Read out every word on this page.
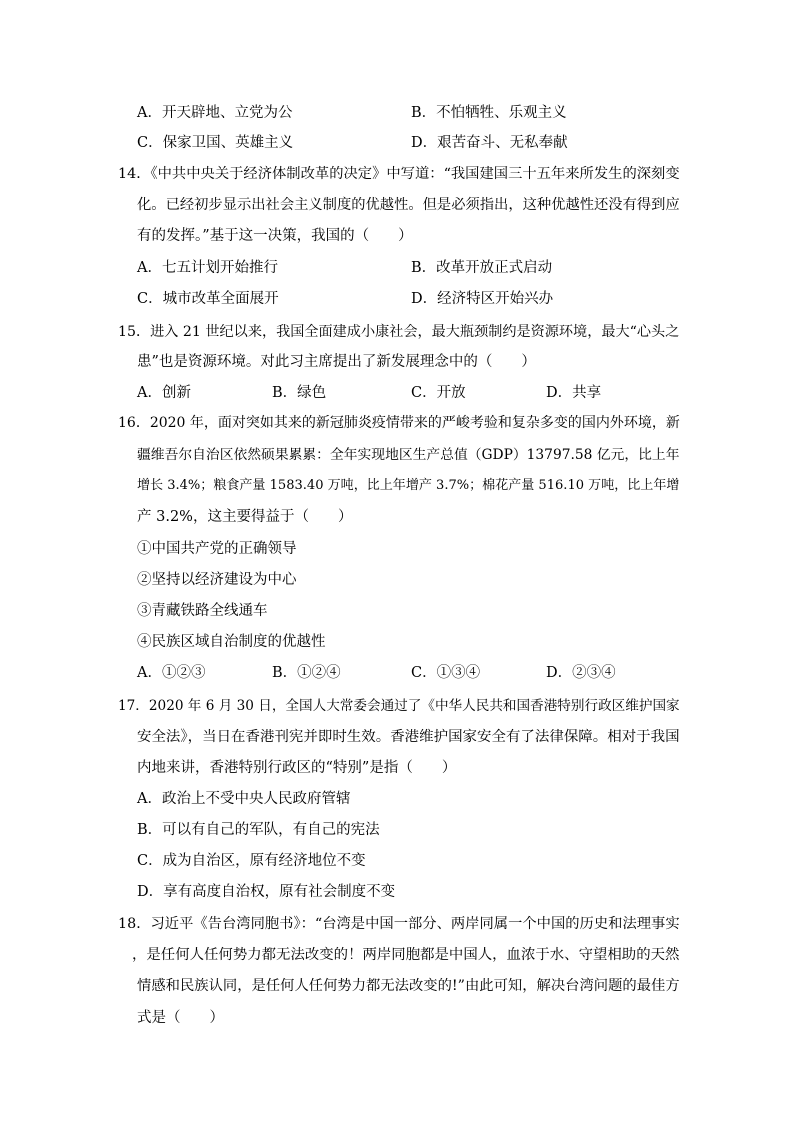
A．开天辟地、立党为公	B．不怕牺牲、乐观主义
C．保家卫国、英雄主义	D．艰苦奋斗、无私奉献
14．《中共中央关于经济体制改革的决定》中写道：“我国建国三十五年来所发生的深刻变
化。已经初步显示出社会主义制度的优越性。但是必须指出，这种优越性还没有得到应
有的发挥。”基于这一决策，我国的（　　）
A．七五计划开始推行	B．改革开放正式启动
C．城市改革全面展开	D．经济特区开始兴办
15．进入 21 世纪以来，我国全面建成小康社会，最大瓶颈制约是资源环境，最大“心头之
患”也是资源环境。对此习主席提出了新发展理念中的（　　）
A．创新	B．绿色	C．开放	D．共享
16．2020 年，面对突如其来的新冠肺炎疫情带来的严峻考验和复杂多变的国内外环境，新
疆维吾尔自治区依然硕果累累：全年实现地区生产总值（GDP）13797.58 亿元，比上年
增长 3.4%；粮食产量 1583.40 万吨，比上年增产 3.7%；棉花产量 516.10 万吨，比上年增
产 3.2%，这主要得益于（　　）
①中国共产党的正确领导
②坚持以经济建设为中心
③青藏铁路全线通车
④民族区域自治制度的优越性
A．①②③	B．①②④	C．①③④	D．②③④
17．2020 年 6 月 30 日，全国人大常委会通过了《中华人民共和国香港特别行政区维护国家
安全法》，当日在香港刊宪并即时生效。香港维护国家安全有了法律保障。相对于我国
内地来讲，香港特别行政区的“特别”是指（　　）
A．政治上不受中央人民政府管辖
B．可以有自己的军队，有自己的宪法
C．成为自治区，原有经济地位不变
D．享有高度自治权，原有社会制度不变
18．习近平《告台湾同胞书》：“台湾是中国一部分、两岸同属一个中国的历史和法理事实
，是任何人任何势力都无法改变的！两岸同胞都是中国人，血浓于水、守望相助的天然
情感和民族认同，是任何人任何势力都无法改变的!”由此可知，解决台湾问题的最佳方
式是（　　）
